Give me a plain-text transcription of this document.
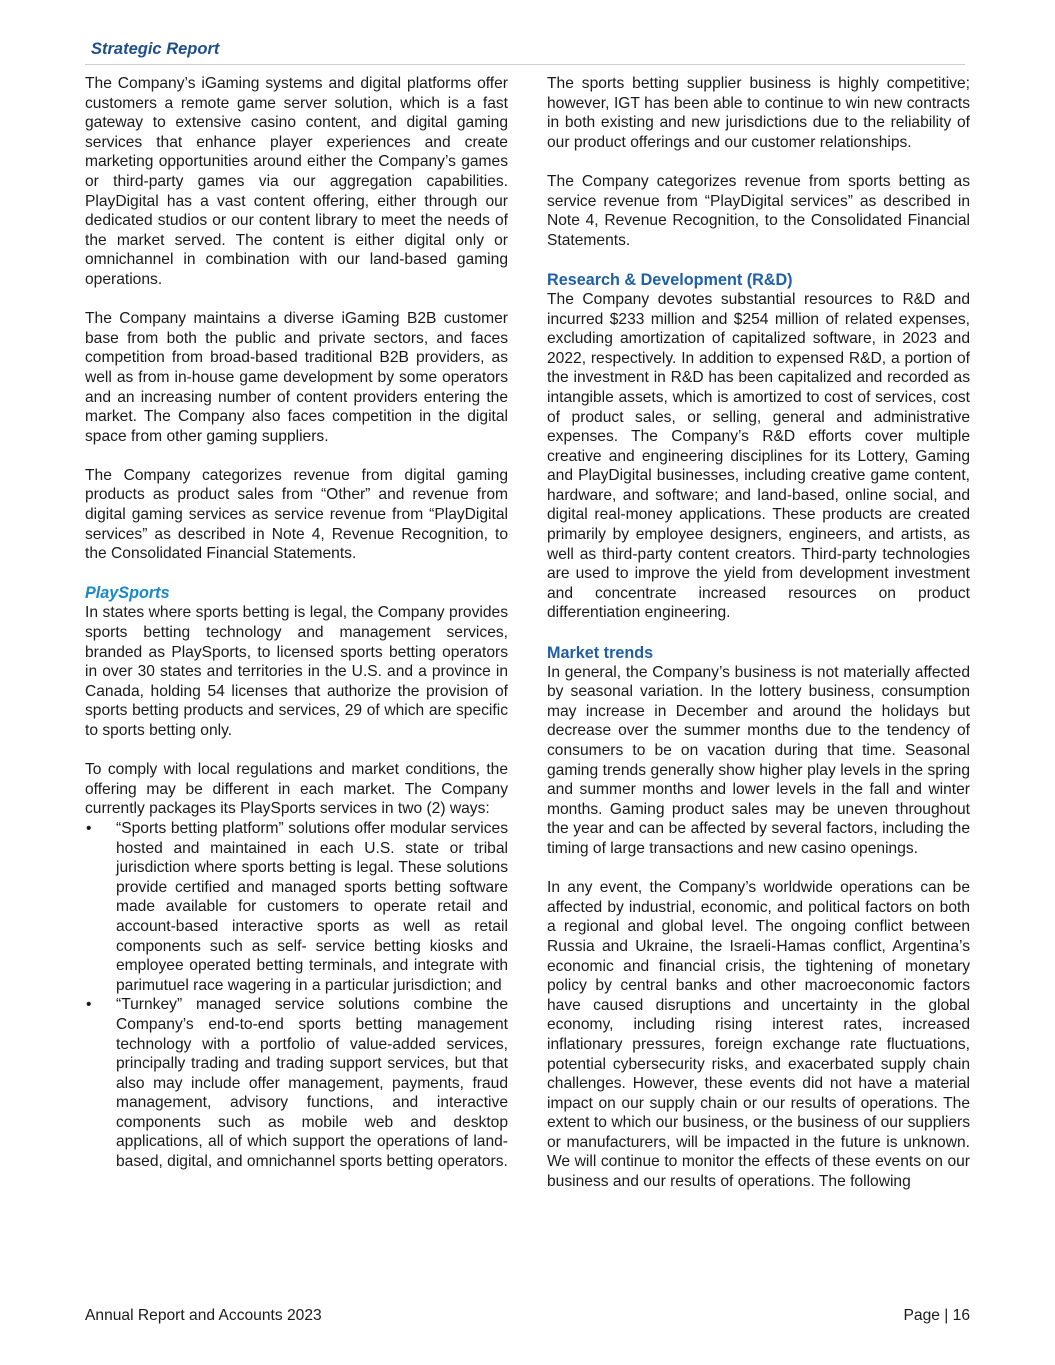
Strategic Report

The Company’s iGaming systems and digital platforms offer customers a remote game server solution, which is a fast gateway to extensive casino content, and digital gaming services that enhance player experiences and create marketing opportunities around either the Company’s games or third-party games via our aggregation capabilities. PlayDigital has a vast content offering, either through our dedicated studios or our content library to meet the needs of the market served. The content is either digital only or omnichannel in combination with our land-based gaming operations.

The Company maintains a diverse iGaming B2B customer base from both the public and private sectors, and faces competition from broad-based traditional B2B providers, as well as from in-house game development by some operators and an increasing number of content providers entering the market. The Company also faces competition in the digital space from other gaming suppliers.

The Company categorizes revenue from digital gaming products as product sales from “Other” and revenue from digital gaming services as service revenue from “PlayDigital services” as described in Note 4, Revenue Recognition, to the Consolidated Financial Statements.

PlaySports

In states where sports betting is legal, the Company provides sports betting technology and management services, branded as PlaySports, to licensed sports betting operators in over 30 states and territories in the U.S. and a province in Canada, holding 54 licenses that authorize the provision of sports betting products and services, 29 of which are specific to sports betting only.

To comply with local regulations and market conditions, the offering may be different in each market. The Company currently packages its PlaySports services in two (2) ways:

• “Sports betting platform” solutions offer modular services hosted and maintained in each U.S. state or tribal jurisdiction where sports betting is legal. These solutions provide certified and managed sports betting software made available for customers to operate retail and account-based interactive sports as well as retail components such as self- service betting kiosks and employee operated betting terminals, and integrate with parimutuel race wagering in a particular jurisdiction; and
• “Turnkey” managed service solutions combine the Company’s end-to-end sports betting management technology with a portfolio of value-added services, principally trading and trading support services, but that also may include offer management, payments, fraud management, advisory functions, and interactive components such as mobile web and desktop applications, all of which support the operations of land-based, digital, and omnichannel sports betting operators.

The sports betting supplier business is highly competitive; however, IGT has been able to continue to win new contracts in both existing and new jurisdictions due to the reliability of our product offerings and our customer relationships.

The Company categorizes revenue from sports betting as service revenue from “PlayDigital services” as described in Note 4, Revenue Recognition, to the Consolidated Financial Statements.

Research & Development (R&D)

The Company devotes substantial resources to R&D and incurred $233 million and $254 million of related expenses, excluding amortization of capitalized software, in 2023 and 2022, respectively. In addition to expensed R&D, a portion of the investment in R&D has been capitalized and recorded as intangible assets, which is amortized to cost of services, cost of product sales, or selling, general and administrative expenses. The Company’s R&D efforts cover multiple creative and engineering disciplines for its Lottery, Gaming and PlayDigital businesses, including creative game content, hardware, and software; and land-based, online social, and digital real-money applications. These products are created primarily by employee designers, engineers, and artists, as well as third-party content creators. Third-party technologies are used to improve the yield from development investment and concentrate increased resources on product differentiation engineering.

Market trends

In general, the Company’s business is not materially affected by seasonal variation. In the lottery business, consumption may increase in December and around the holidays but decrease over the summer months due to the tendency of consumers to be on vacation during that time. Seasonal gaming trends generally show higher play levels in the spring and summer months and lower levels in the fall and winter months. Gaming product sales may be uneven throughout the year and can be affected by several factors, including the timing of large transactions and new casino openings.

In any event, the Company’s worldwide operations can be affected by industrial, economic, and political factors on both a regional and global level. The ongoing conflict between Russia and Ukraine, the Israeli-Hamas conflict, Argentina’s economic and financial crisis, the tightening of monetary policy by central banks and other macroeconomic factors have caused disruptions and uncertainty in the global economy, including rising interest rates, increased inflationary pressures, foreign exchange rate fluctuations, potential cybersecurity risks, and exacerbated supply chain challenges. However, these events did not have a material impact on our supply chain or our results of operations. The extent to which our business, or the business of our suppliers or manufacturers, will be impacted in the future is unknown. We will continue to monitor the effects of these events on our business and our results of operations. The following

Annual Report and Accounts 2023	Page | 16
